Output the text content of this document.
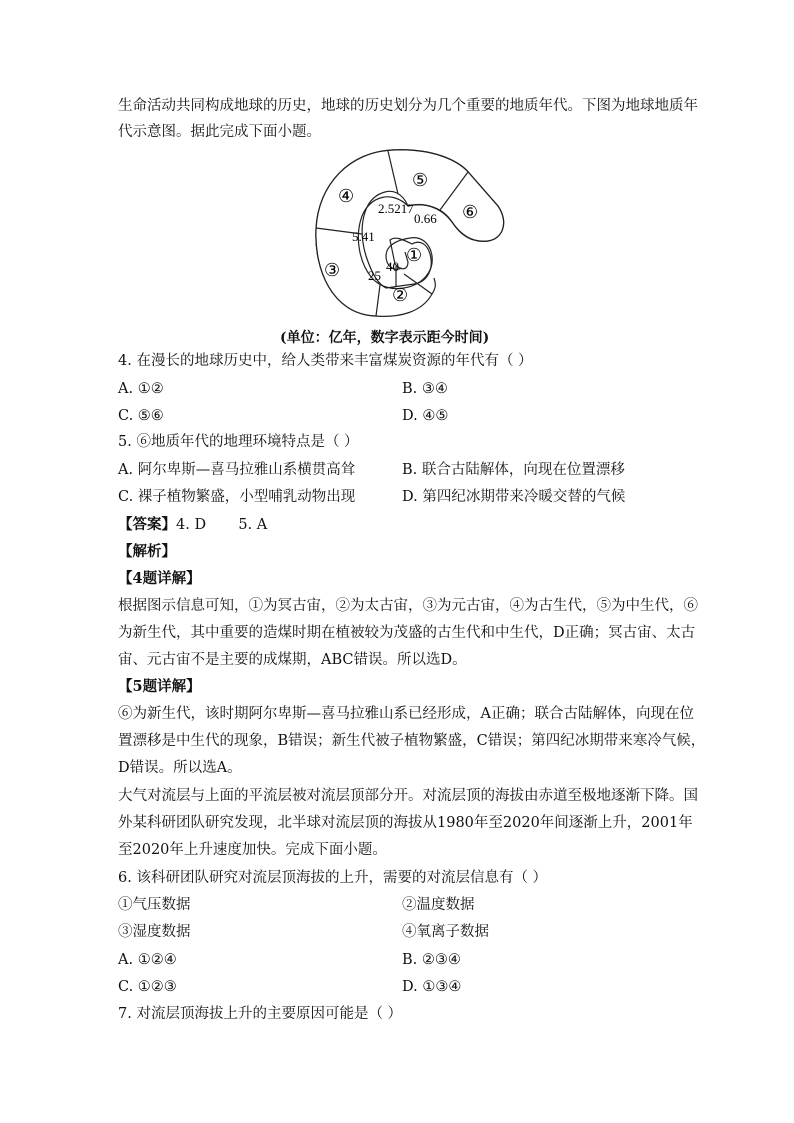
生命活动共同构成地球的历史，地球的历史划分为几个重要的地质年代。下图为地球地质年
代示意图。据此完成下面小题。
④
⑤
⑥
③
①
②
2.5217
0.66
5.41
40
25
(单位：亿年，数字表示距今时间)
4. 在漫长的地球历史中，给人类带来丰富煤炭资源的年代有（ ）
A. ①②	B. ③④
C. ⑤⑥	D. ④⑤
5. ⑥地质年代的地理环境特点是（ ）
A. 阿尔卑斯—喜马拉雅山系横贯高耸	B. 联合古陆解体，向现在位置漂移
C. 裸子植物繁盛，小型哺乳动物出现	D. 第四纪冰期带来冷暖交替的气候
【答案】4. D       5. A
【解析】
【4题详解】
根据图示信息可知，①为冥古宙，②为太古宙，③为元古宙，④为古生代，⑤为中生代，⑥
为新生代，其中重要的造煤时期在植被较为茂盛的古生代和中生代，D正确；冥古宙、太古
宙、元古宙不是主要的成煤期，ABC错误。所以选D。
【5题详解】
⑥为新生代，该时期阿尔卑斯—喜马拉雅山系已经形成，A正确；联合古陆解体，向现在位
置漂移是中生代的现象，B错误；新生代被子植物繁盛，C错误；第四纪冰期带来寒冷气候，
D错误。所以选A。
大气对流层与上面的平流层被对流层顶部分开。对流层顶的海拔由赤道至极地逐渐下降。国
外某科研团队研究发现，北半球对流层顶的海拔从1980年至2020年间逐渐上升，2001年
至2020年上升速度加快。完成下面小题。
6. 该科研团队研究对流层顶海拔的上升，需要的对流层信息有（ ）
①气压数据	②温度数据
③湿度数据	④氧离子数据
A. ①②④	B. ②③④
C. ①②③	D. ①③④
7. 对流层顶海拔上升的主要原因可能是（ ）
